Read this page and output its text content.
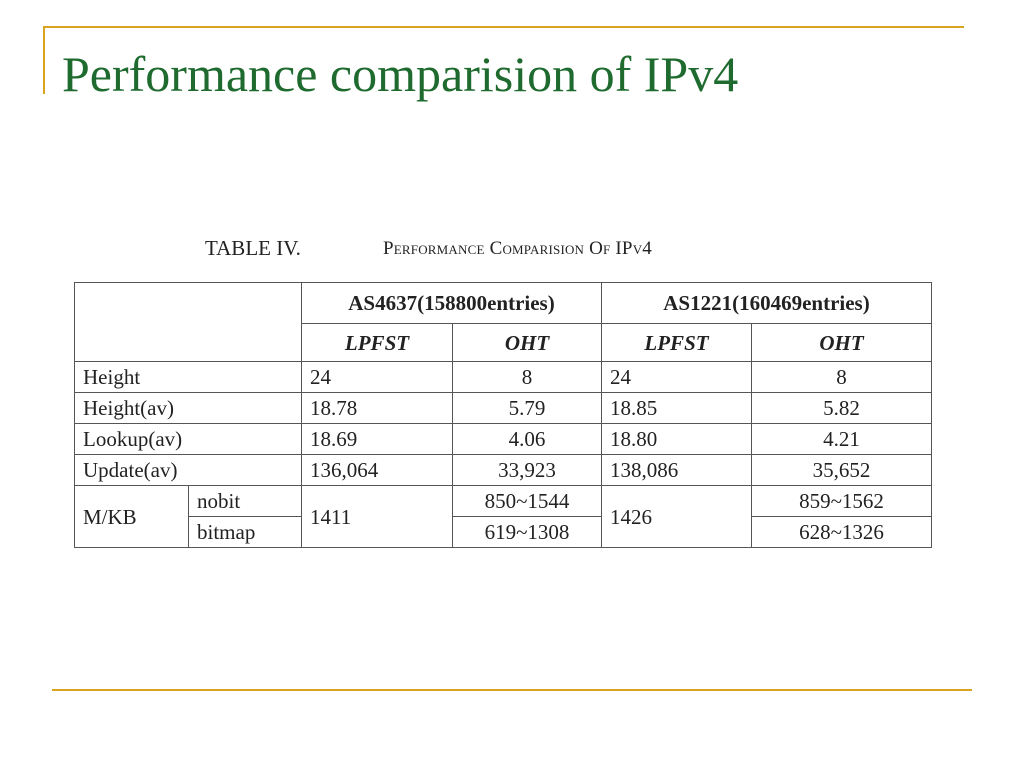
Performance comparision of IPv4
TABLE IV.	Performance Comparision Of IPv4
		AS4637(158800entries)		AS1221(160469entries)	
		LPFST	OHT	LPFST	OHT
Height		24	8	24	8
Height(av)		18.78	5.79	18.85	5.82
Lookup(av)		18.69	4.06	18.80	4.21
Update(av)		136,064	33,923	138,086	35,652
M/KB	nobit	1411	850~1544	1426	859~1562
	bitmap		619~1308		628~1326
